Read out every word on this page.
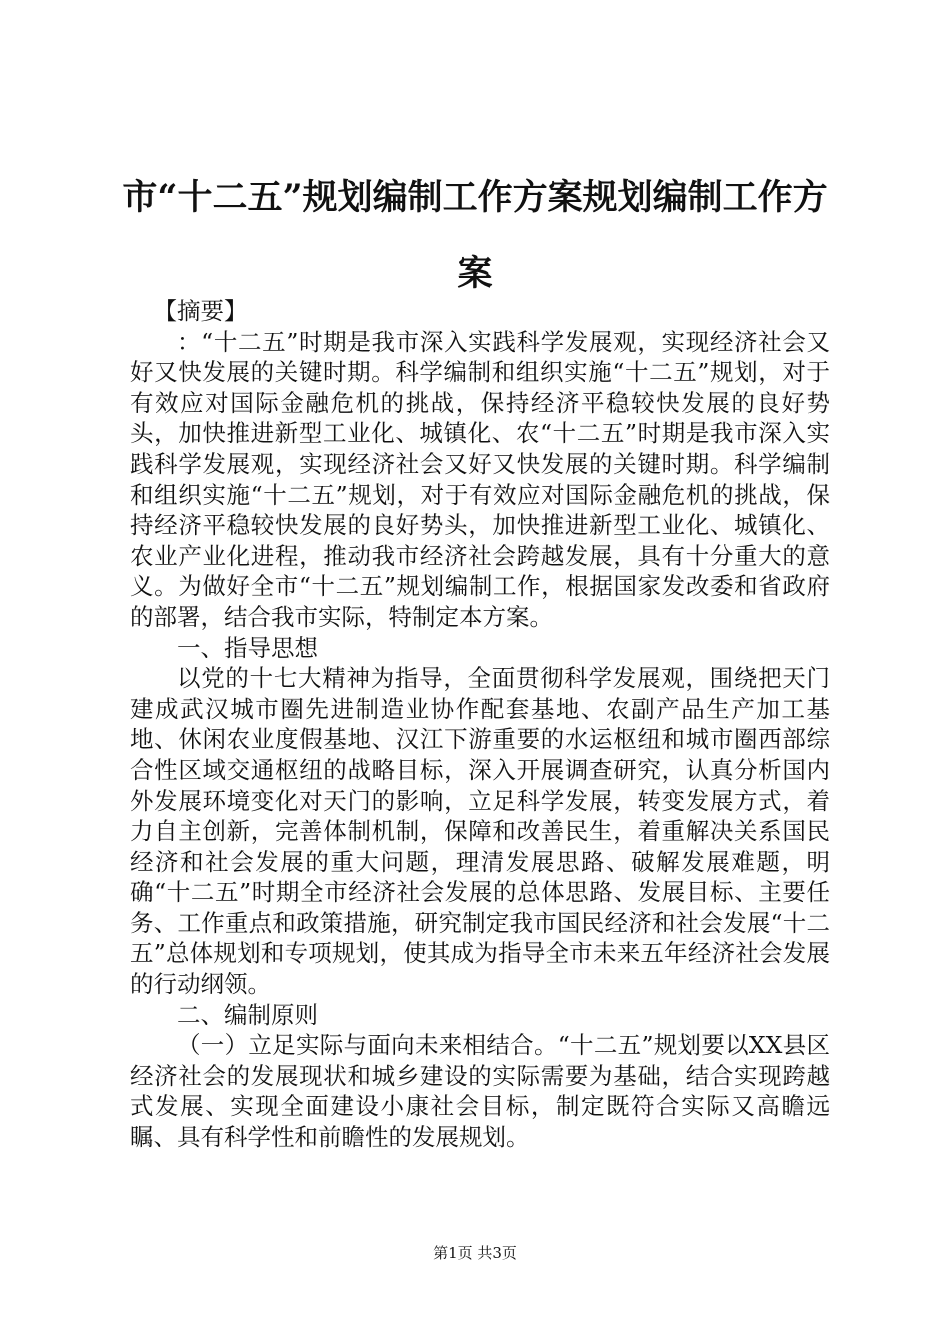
市“十二五”规划编制工作方案规划编制工作方案

【摘要】

：“十二五”时期是我市深入实践科学发展观，实现经济社会又好又快发展的关键时期。科学编制和组织实施“十二五”规划，对于有效应对国际金融危机的挑战，保持经济平稳较快发展的良好势头，加快推进新型工业化、城镇化、农“十二五”时期是我市深入实践科学发展观，实现经济社会又好又快发展的关键时期。科学编制和组织实施“十二五”规划，对于有效应对国际金融危机的挑战，保持经济平稳较快发展的良好势头，加快推进新型工业化、城镇化、农业产业化进程，推动我市经济社会跨越发展，具有十分重大的意义。为做好全市“十二五”规划编制工作，根据国家发改委和省政府的部署，结合我市实际，特制定本方案。

一、指导思想

以党的十七大精神为指导，全面贯彻科学发展观，围绕把天门建成武汉城市圈先进制造业协作配套基地、农副产品生产加工基地、休闲农业度假基地、汉江下游重要的水运枢纽和城市圈西部综合性区域交通枢纽的战略目标，深入开展调查研究，认真分析国内外发展环境变化对天门的影响，立足科学发展，转变发展方式，着力自主创新，完善体制机制，保障和改善民生，着重解决关系国民经济和社会发展的重大问题，理清发展思路、破解发展难题，明确“十二五”时期全市经济社会发展的总体思路、发展目标、主要任务、工作重点和政策措施，研究制定我市国民经济和社会发展“十二五”总体规划和专项规划，使其成为指导全市未来五年经济社会发展的行动纲领。

二、编制原则

（一）立足实际与面向未来相结合。“十二五”规划要以XX县区经济社会的发展现状和城乡建设的实际需要为基础，结合实现跨越式发展、实现全面建设小康社会目标，制定既符合实际又高瞻远瞩、具有科学性和前瞻性的发展规划。

第1页 共3页
